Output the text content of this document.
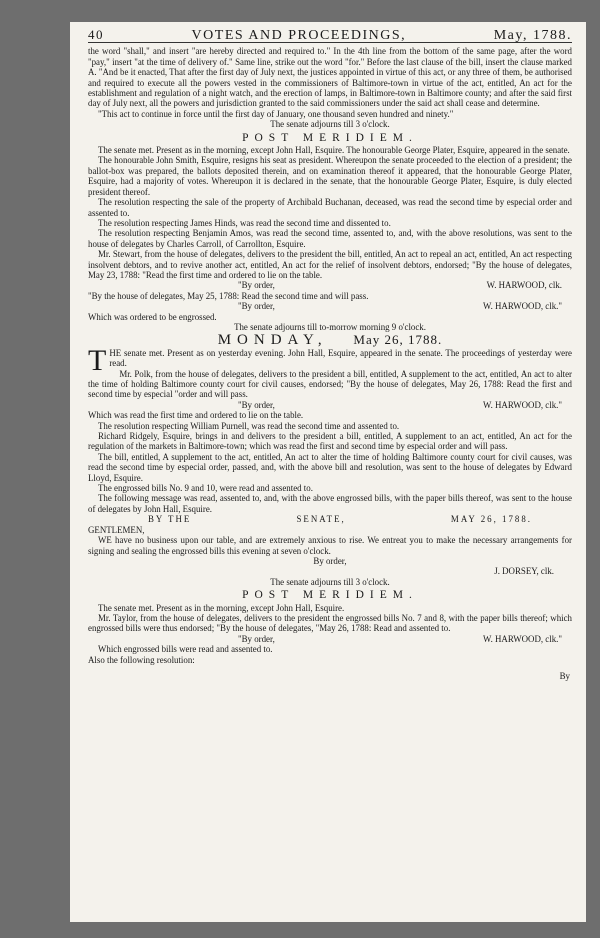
40	VOTES AND PROCEEDINGS,	May, 1788.

the word "shall," and insert "are hereby directed and required to." In the 4th line from the bottom of the same page, after the word "pay," insert "at the time of delivery of." Same line, strike out the word "for." Before the last clause of the bill, insert the clause marked A. "And be it enacted, That after the first day of July next, the justices appointed in virtue of this act, or any three of them, be authorised and required to execute all the powers vested in the commissioners of Baltimore-town in virtue of the act, entitled, An act for the establishment and regulation of a night watch, and the erection of lamps, in Baltimore-town in Baltimore county; and after the said first day of July next, all the powers and jurisdiction granted to the said commissioners under the said act shall cease and determine.

"This act to continue in force until the first day of January, one thousand seven hundred and ninety."

The senate adjourns till 3 o'clock.

POST MERIDIEM.

The senate met. Present as in the morning, except John Hall, Esquire. The honourable George Plater, Esquire, appeared in the senate.

The honourable John Smith, Esquire, resigns his seat as president. Whereupon the senate proceeded to the election of a president; the ballot-box was prepared, the ballots deposited therein, and on examination thereof it appeared, that the honourable George Plater, Esquire, had a majority of votes. Whereupon it is declared in the senate, that the honourable George Plater, Esquire, is duly elected president thereof.

The resolution respecting the sale of the property of Archibald Buchanan, deceased, was read the second time by especial order and assented to.

The resolution respecting James Hinds, was read the second time and dissented to.

The resolution respecting Benjamin Amos, was read the second time, assented to, and, with the above resolutions, was sent to the house of delegates by Charles Carroll, of Carrollton, Esquire.

Mr. Stewart, from the house of delegates, delivers to the president the bill, entitled, An act to repeal an act, entitled, An act respecting insolvent debtors, and to revive another act, entitled, An act for the relief of insolvent debtors, endorsed; "By the house of delegates, May 23, 1788: "Read the first time and ordered to lie on the table.

"By order,	W. HARWOOD, clk.

"By the house of delegates, May 25, 1788: Read the second time and will pass.

"By order,	W. HARWOOD, clk."

Which was ordered to be engrossed.

The senate adjourns till to-morrow morning 9 o'clock.

MONDAY, May 26, 1788.

THE senate met. Present as on yesterday evening. John Hall, Esquire, appeared in the senate. The proceedings of yesterday were read.

Mr. Polk, from the house of delegates, delivers to the president a bill, entitled, A supplement to the act, entitled, An act to alter the time of holding Baltimore county court for civil causes, endorsed; "By the house of delegates, May 26, 1788: Read the first and second time by especial "order and will pass.

"By order,	W. HARWOOD, clk."

Which was read the first time and ordered to lie on the table.

The resolution respecting William Purnell, was read the second time and assented to.

Richard Ridgely, Esquire, brings in and delivers to the president a bill, entitled, A supplement to an act, entitled, An act for the regulation of the markets in Baltimore-town; which was read the first and second time by especial order and will pass.

The bill, entitled, A supplement to the act, entitled, An act to alter the time of holding Baltimore county court for civil causes, was read the second time by especial order, passed, and, with the above bill and resolution, was sent to the house of delegates by Edward Lloyd, Esquire.

The engrossed bills No. 9 and 10, were read and assented to.

The following message was read, assented to, and, with the above engrossed bills, with the paper bills thereof, was sent to the house of delegates by John Hall, Esquire.

BY THE	SENATE,	MAY 26, 1788.

GENTLEMEN,

WE have no business upon our table, and are extremely anxious to rise. We entreat you to make the necessary arrangements for signing and sealing the engrossed bills this evening at seven o'clock.

By order,

J. DORSEY, clk.

The senate adjourns till 3 o'clock.

POST MERIDIEM.

The senate met. Present as in the morning, except John Hall, Esquire.

Mr. Taylor, from the house of delegates, delivers to the president the engrossed bills No. 7 and 8, with the paper bills thereof; which engrossed bills were thus endorsed; "By the house of delegates, "May 26, 1788: Read and assented to.

"By order,	W. HARWOOD, clk."

Which engrossed bills were read and assented to.

Also the following resolution:

By
